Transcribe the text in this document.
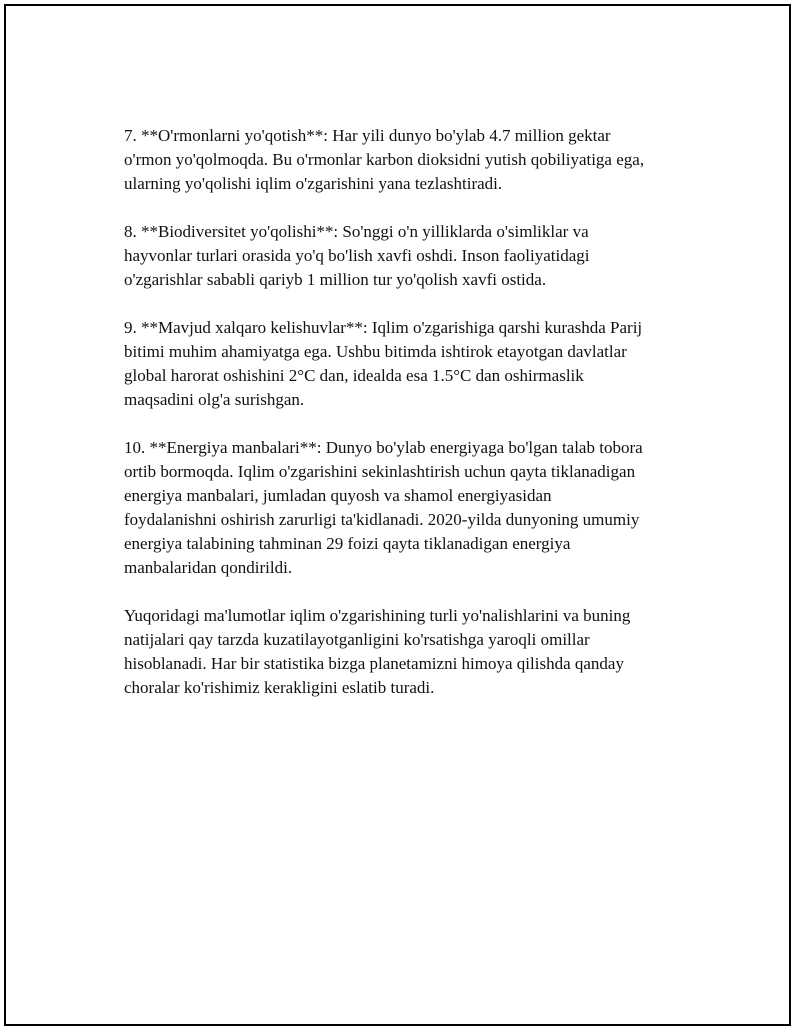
7. **O'rmonlarni yo'qotish**: Har yili dunyo bo'ylab 4.7 million gektar
o'rmon yo'qolmoqda. Bu o'rmonlar karbon dioksidni yutish qobiliyatiga ega,
ularning yo'qolishi iqlim o'zgarishini yana tezlashtiradi.

8. **Biodiversitet yo'qolishi**: So'nggi o'n yilliklarda o'simliklar va
hayvonlar turlari orasida yo'q bo'lish xavfi oshdi. Inson faoliyatidagi
o'zgarishlar sababli qariyb 1 million tur yo'qolish xavfi ostida.

9. **Mavjud xalqaro kelishuvlar**: Iqlim o'zgarishiga qarshi kurashda Parij
bitimi muhim ahamiyatga ega. Ushbu bitimda ishtirok etayotgan davlatlar
global harorat oshishini 2°C dan, idealda esa 1.5°C dan oshirmaslik
maqsadini olg'a surishgan.

10. **Energiya manbalari**: Dunyo bo'ylab energiyaga bo'lgan talab tobora
ortib bormoqda. Iqlim o'zgarishini sekinlashtirish uchun qayta tiklanadigan
energiya manbalari, jumladan quyosh va shamol energiyasidan
foydalanishni oshirish zarurligi ta'kidlanadi. 2020-yilda dunyoning umumiy
energiya talabining tahminan 29 foizi qayta tiklanadigan energiya
manbalaridan qondirildi.

Yuqoridagi ma'lumotlar iqlim o'zgarishining turli yo'nalishlarini va buning
natijalari qay tarzda kuzatilayotganligini ko'rsatishga yaroqli omillar
hisoblanadi. Har bir statistika bizga planetamizni himoya qilishda qanday
choralar ko'rishimiz kerakligini eslatib turadi.
